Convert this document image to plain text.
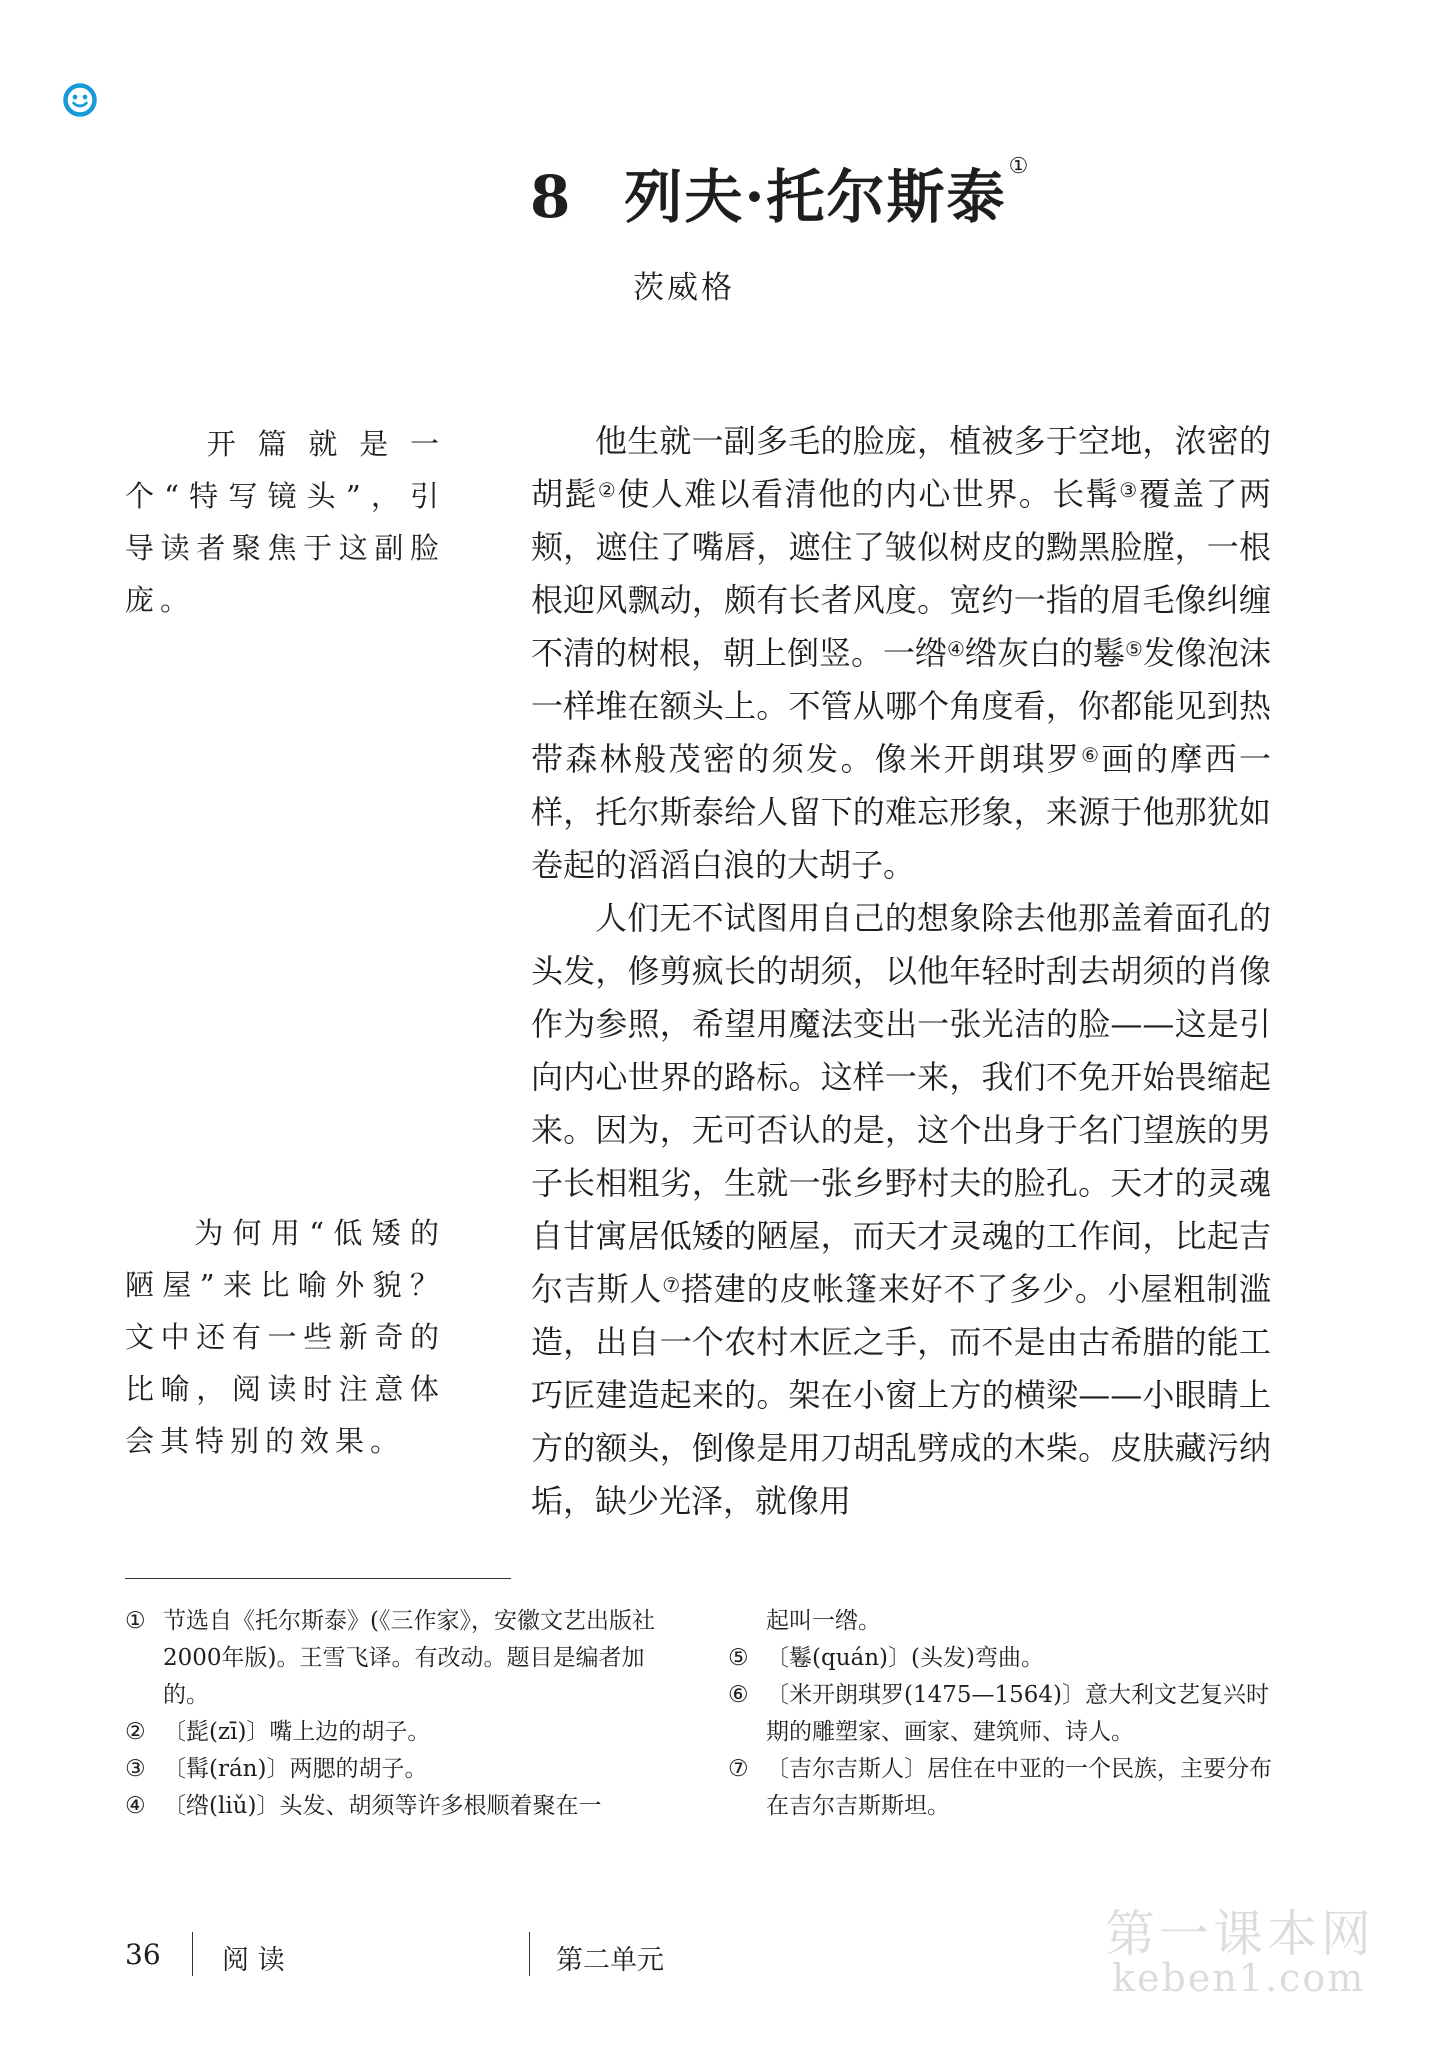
8 列夫·托尔斯泰①
茨威格
开篇就是一个“特写镜头”，引导读者聚焦于这副脸庞。
为何用“低矮的陋屋”来比喻外貌？文中还有一些新奇的比喻，阅读时注意体会其特别的效果。

他生就一副多毛的脸庞，植被多于空地，浓密的胡髭②使人难以看清他的内心世界。长髯③覆盖了两颊，遮住了嘴唇，遮住了皱似树皮的黝黑脸膛，一根根迎风飘动，颇有长者风度。宽约一指的眉毛像纠缠不清的树根，朝上倒竖。一绺④绺灰白的鬈⑤发像泡沫一样堆在额头上。不管从哪个角度看，你都能见到热带森林般茂密的须发。像米开朗琪罗⑥画的摩西一样，托尔斯泰给人留下的难忘形象，来源于他那犹如卷起的滔滔白浪的大胡子。

人们无不试图用自己的想象除去他那盖着面孔的头发，修剪疯长的胡须，以他年轻时刮去胡须的肖像作为参照，希望用魔法变出一张光洁的脸——这是引向内心世界的路标。这样一来，我们不免开始畏缩起来。因为，无可否认的是，这个出身于名门望族的男子长相粗劣，生就一张乡野村夫的脸孔。天才的灵魂自甘寓居低矮的陋屋，而天才灵魂的工作间，比起吉尔吉斯人⑦搭建的皮帐篷来好不了多少。小屋粗制滥造，出自一个农村木匠之手，而不是由古希腊的能工巧匠建造起来的。架在小窗上方的横梁——小眼睛上方的额头，倒像是用刀胡乱劈成的木柴。皮肤藏污纳垢，缺少光泽，就像用

① 节选自《托尔斯泰》(《三作家》，安徽文艺出版社2000年版)。王雪飞译。有改动。题目是编者加的。
② 〔髭(zī)〕嘴上边的胡子。
③ 〔髯(rán)〕两腮的胡子。
④ 〔绺(liǔ)〕头发、胡须等许多根顺着聚在一
起叫一绺。
⑤ 〔鬈(quán)〕(头发)弯曲。
⑥ 〔米开朗琪罗(1475—1564)〕意大利文艺复兴时期的雕塑家、画家、建筑师、诗人。
⑦ 〔吉尔吉斯人〕居住在中亚的一个民族，主要分布在吉尔吉斯斯坦。
36 阅 读	第二单元	第一课本网
keben1.com
